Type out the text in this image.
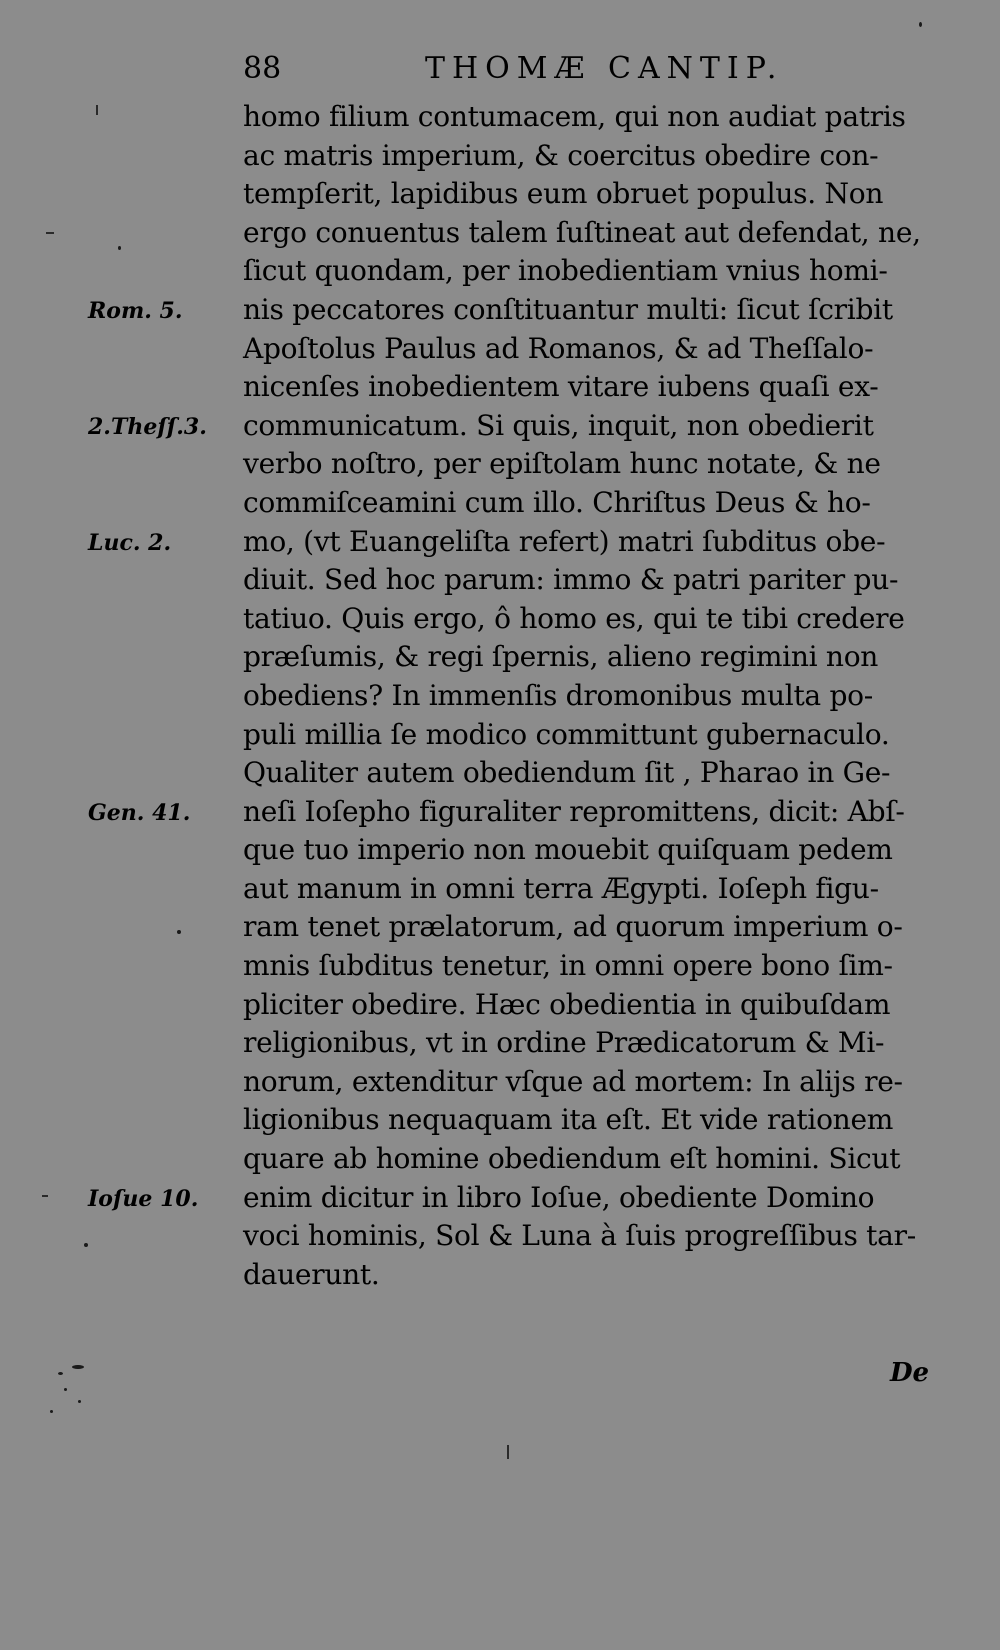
88	THOMÆ CANTIP.
homo filium contumacem, qui non audiat patris
ac matris imperium, & coercitus obedire con-
tempſerit, lapidibus eum obruet populus. Non
ergo conuentus talem ſuſtineat aut defendat, ne,
ſicut quondam, per inobedientiam vnius homi-
nis peccatores conſtituantur multi: ſicut ſcribit
Apoſtolus Paulus ad Romanos, & ad Theſſalo-
nicenſes inobedientem vitare iubens quaſi ex-
communicatum. Si quis, inquit, non obedierit
verbo noſtro, per epiſtolam hunc notate, & ne
commiſceamini cum illo. Chriſtus Deus & ho-
mo, (vt Euangeliſta refert) matri ſubditus obe-
diuit. Sed hoc parum: immo & patri pariter pu-
tatiuo. Quis ergo, ô homo es, qui te tibi credere
præſumis, & regi ſpernis, alieno regimini non
obediens? In immenſis dromonibus multa po-
puli millia ſe modico committunt gubernaculo.
Qualiter autem obediendum ſit , Pharao in Ge-
neſi Ioſepho figuraliter repromittens, dicit: Abſ-
que tuo imperio non mouebit quiſquam pedem
aut manum in omni terra Ægypti. Ioſeph figu-
ram tenet prælatorum, ad quorum imperium o-
mnis ſubditus tenetur, in omni opere bono ſim-
pliciter obedire. Hæc obedientia in quibuſdam
religionibus, vt in ordine Prædicatorum & Mi-
norum, extenditur vſque ad mortem: In alijs re-
ligionibus nequaquam ita eſt. Et vide rationem
quare ab homine obediendum eſt homini. Sicut
enim dicitur in libro Ioſue, obediente Domino
voci hominis, Sol & Luna à ſuis progreſſibus tar-
dauerunt.
Rom. 5.
2.Theſſ.3.
Luc. 2.
Gen. 41.
Ioſue 10.
De
